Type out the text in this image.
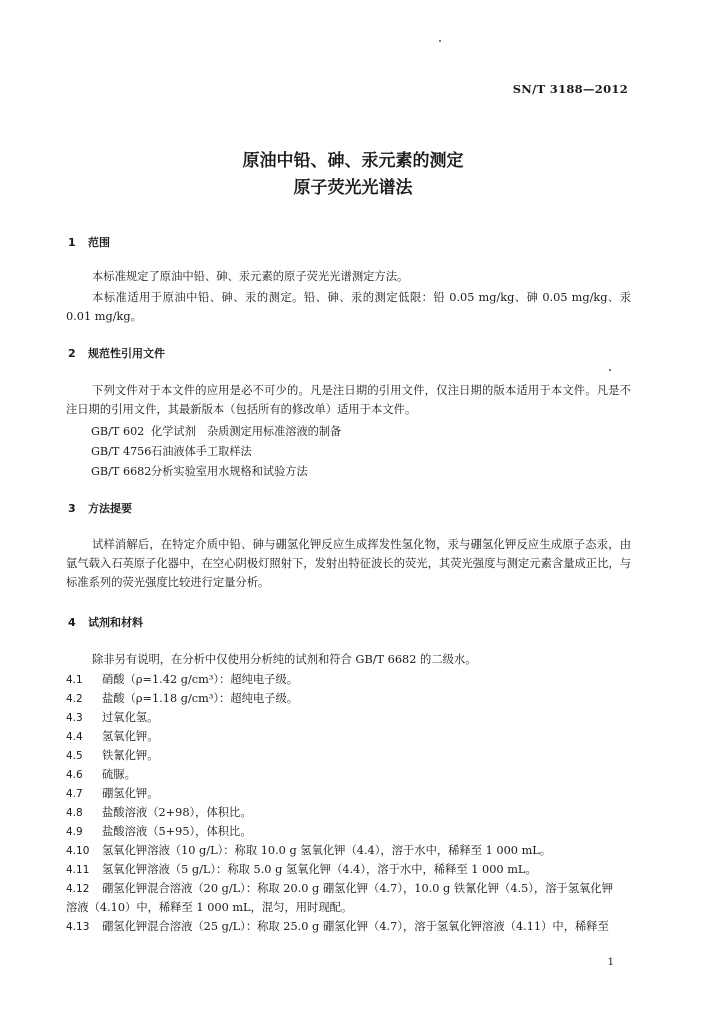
SN/T 3188—2012
原油中铅、砷、汞元素的测定
原子荧光光谱法
1 范围
本标准规定了原油中铅、砷、汞元素的原子荧光光谱测定方法。
本标准适用于原油中铅、砷、汞的测定。铅、砷、汞的测定低限：铅 0.05 mg/kg、砷 0.05 mg/kg、汞 0.01 mg/kg。
2 规范性引用文件
下列文件对于本文件的应用是必不可少的。凡是注日期的引用文件，仅注日期的版本适用于本文件。凡是不注日期的引用文件，其最新版本（包括所有的修改单）适用于本文件。
GB/T 602 化学试剂　杂质测定用标准溶液的制备
GB/T 4756石油液体手工取样法
GB/T 6682分析实验室用水规格和试验方法
3 方法提要
试样消解后，在特定介质中铅、砷与硼氢化钾反应生成挥发性氢化物，汞与硼氢化钾反应生成原子态汞，由氩气载入石英原子化器中，在空心阴极灯照射下，发射出特征波长的荧光，其荧光强度与测定元素含量成正比，与标准系列的荧光强度比较进行定量分析。
4 试剂和材料
除非另有说明，在分析中仅使用分析纯的试剂和符合 GB/T 6682 的二级水。
4.1 硝酸（ρ=1.42 g/cm³）：超纯电子级。
4.2 盐酸（ρ=1.18 g/cm³）：超纯电子级。
4.3 过氧化氢。
4.4 氢氧化钾。
4.5 铁氰化钾。
4.6 硫脲。
4.7 硼氢化钾。
4.8 盐酸溶液（2+98），体积比。
4.9 盐酸溶液（5+95），体积比。
4.10 氢氧化钾溶液（10 g/L）：称取 10.0 g 氢氧化钾（4.4），溶于水中，稀释至 1 000 mL。
4.11 氢氧化钾溶液（5 g/L）：称取 5.0 g 氢氧化钾（4.4），溶于水中，稀释至 1 000 mL。
4.12 硼氢化钾混合溶液（20 g/L）：称取 20.0 g 硼氢化钾（4.7），10.0 g 铁氰化钾（4.5），溶于氢氧化钾
溶液（4.10）中，稀释至 1 000 mL，混匀，用时现配。
4.13 硼氢化钾混合溶液（25 g/L）：称取 25.0 g 硼氢化钾（4.7），溶于氢氧化钾溶液（4.11）中，稀释至
1
